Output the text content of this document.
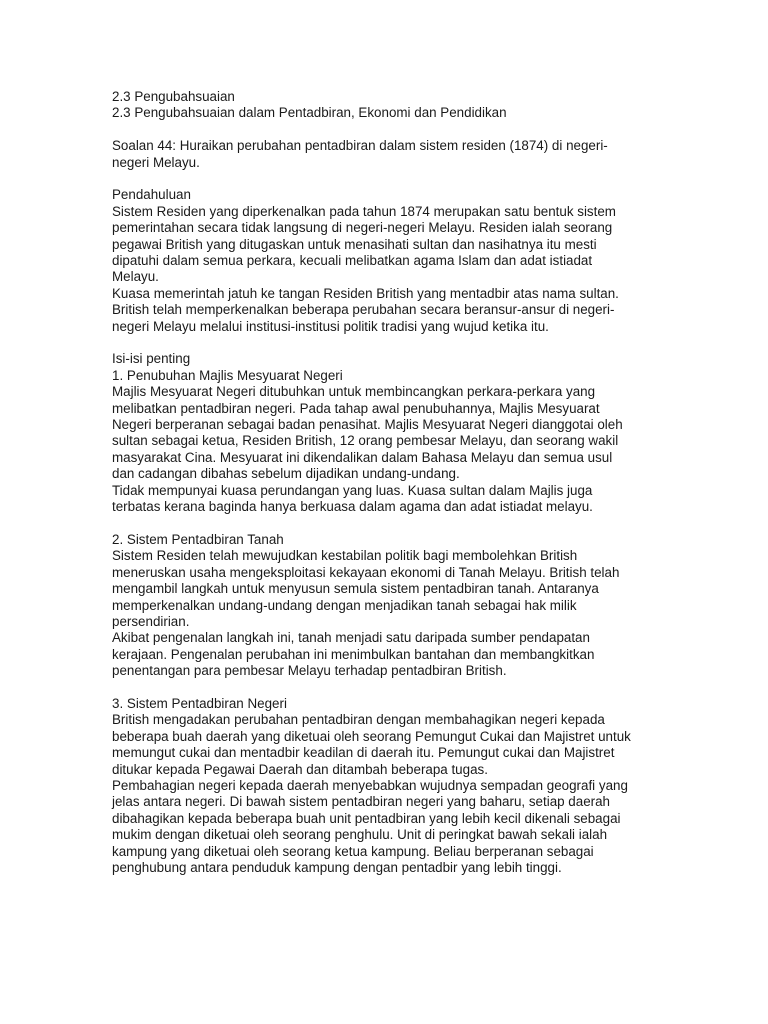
2.3 Pengubahsuaian
2.3 Pengubahsuaian dalam Pentadbiran, Ekonomi dan Pendidikan
Soalan 44: Huraikan perubahan pentadbiran dalam sistem residen (1874) di negeri-
negeri Melayu.
Pendahuluan
Sistem Residen yang diperkenalkan pada tahun 1874 merupakan satu bentuk sistem
pemerintahan secara tidak langsung di negeri-negeri Melayu. Residen ialah seorang
pegawai British yang ditugaskan untuk menasihati sultan dan nasihatnya itu mesti
dipatuhi dalam semua perkara, kecuali melibatkan agama Islam dan adat istiadat
Melayu.
Kuasa memerintah jatuh ke tangan Residen British yang mentadbir atas nama sultan.
British telah memperkenalkan beberapa perubahan secara beransur-ansur di negeri-
negeri Melayu melalui institusi-institusi politik tradisi yang wujud ketika itu.
Isi-isi penting
1. Penubuhan Majlis Mesyuarat Negeri
Majlis Mesyuarat Negeri ditubuhkan untuk membincangkan perkara-perkara yang
melibatkan pentadbiran negeri. Pada tahap awal penubuhannya, Majlis Mesyuarat
Negeri berperanan sebagai badan penasihat. Majlis Mesyuarat Negeri dianggotai oleh
sultan sebagai ketua, Residen British, 12 orang pembesar Melayu, dan seorang wakil
masyarakat Cina. Mesyuarat ini dikendalikan dalam Bahasa Melayu dan semua usul
dan cadangan dibahas sebelum dijadikan undang-undang.
Tidak mempunyai kuasa perundangan yang luas. Kuasa sultan dalam Majlis juga
terbatas kerana baginda hanya berkuasa dalam agama dan adat istiadat melayu.
2. Sistem Pentadbiran Tanah
Sistem Residen telah mewujudkan kestabilan politik bagi membolehkan British
meneruskan usaha mengeksploitasi kekayaan ekonomi di Tanah Melayu. British telah
mengambil langkah untuk menyusun semula sistem pentadbiran tanah. Antaranya
memperkenalkan undang-undang dengan menjadikan tanah sebagai hak milik
persendirian.
Akibat pengenalan langkah ini, tanah menjadi satu daripada sumber pendapatan
kerajaan. Pengenalan perubahan ini menimbulkan bantahan dan membangkitkan
penentangan para pembesar Melayu terhadap pentadbiran British.
3. Sistem Pentadbiran Negeri
British mengadakan perubahan pentadbiran dengan membahagikan negeri kepada
beberapa buah daerah yang diketuai oleh seorang Pemungut Cukai dan Majistret untuk
memungut cukai dan mentadbir keadilan di daerah itu. Pemungut cukai dan Majistret
ditukar kepada Pegawai Daerah dan ditambah beberapa tugas.
Pembahagian negeri kepada daerah menyebabkan wujudnya sempadan geografi yang
jelas antara negeri. Di bawah sistem pentadbiran negeri yang baharu, setiap daerah
dibahagikan kepada beberapa buah unit pentadbiran yang lebih kecil dikenali sebagai
mukim dengan diketuai oleh seorang penghulu. Unit di peringkat bawah sekali ialah
kampung yang diketuai oleh seorang ketua kampung. Beliau berperanan sebagai
penghubung antara penduduk kampung dengan pentadbir yang lebih tinggi.
